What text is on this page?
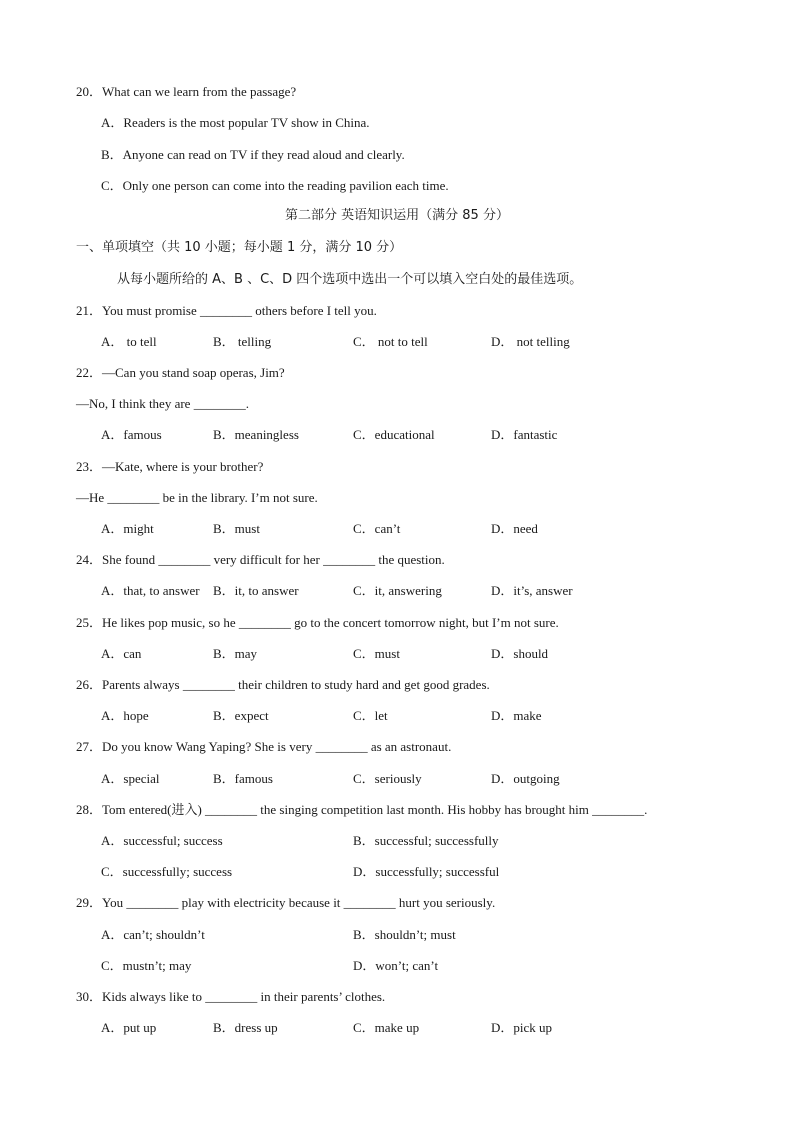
20．What can we learn from the passage?
A．Readers is the most popular TV show in China.
B．Anyone can read on TV if they read aloud and clearly.
C．Only one person can come into the reading pavilion each time.
第二部分 英语知识运用（满分 85 分）
一、单项填空（共 10 小题；每小题 1 分，满分 10 分）
从每小题所给的 A、B 、C、D 四个选项中选出一个可以填入空白处的最佳选项。
21．You must promise ________ others before I tell you.
A． to tell	B． telling	C． not to tell	D． not telling
22．—Can you stand soap operas, Jim?
—No, I think they are ________.
A．famous	B．meaningless	C．educational	D．fantastic
23．—Kate, where is your brother?
—He ________ be in the library. I’m not sure.
A．might	B．must	C．can’t	D．need
24．She found ________ very difficult for her ________ the question.
A．that, to answer B．it, to answer	C．it, answering	D．it’s, answer
25．He likes pop music, so he ________ go to the concert tomorrow night, but I’m not sure.
A．can	B．may	C．must	D．should
26．Parents always ________ their children to study hard and get good grades.
A．hope	B．expect	C．let	D．make
27．Do you know Wang Yaping? She is very ________ as an astronaut.
A．special	B．famous	C．seriously	D．outgoing
28．Tom entered(进入) ________ the singing competition last month. His hobby has brought him ________.
A．successful; success	B．successful; successfully
C．successfully; success	D．successfully; successful
29．You ________ play with electricity because it ________ hurt you seriously.
A．can’t; shouldn’t	B．shouldn’t; must
C．mustn’t; may	D．won’t; can’t
30．Kids always like to ________ in their parents’ clothes.
A．put up	B．dress up	C．make up	D．pick up
